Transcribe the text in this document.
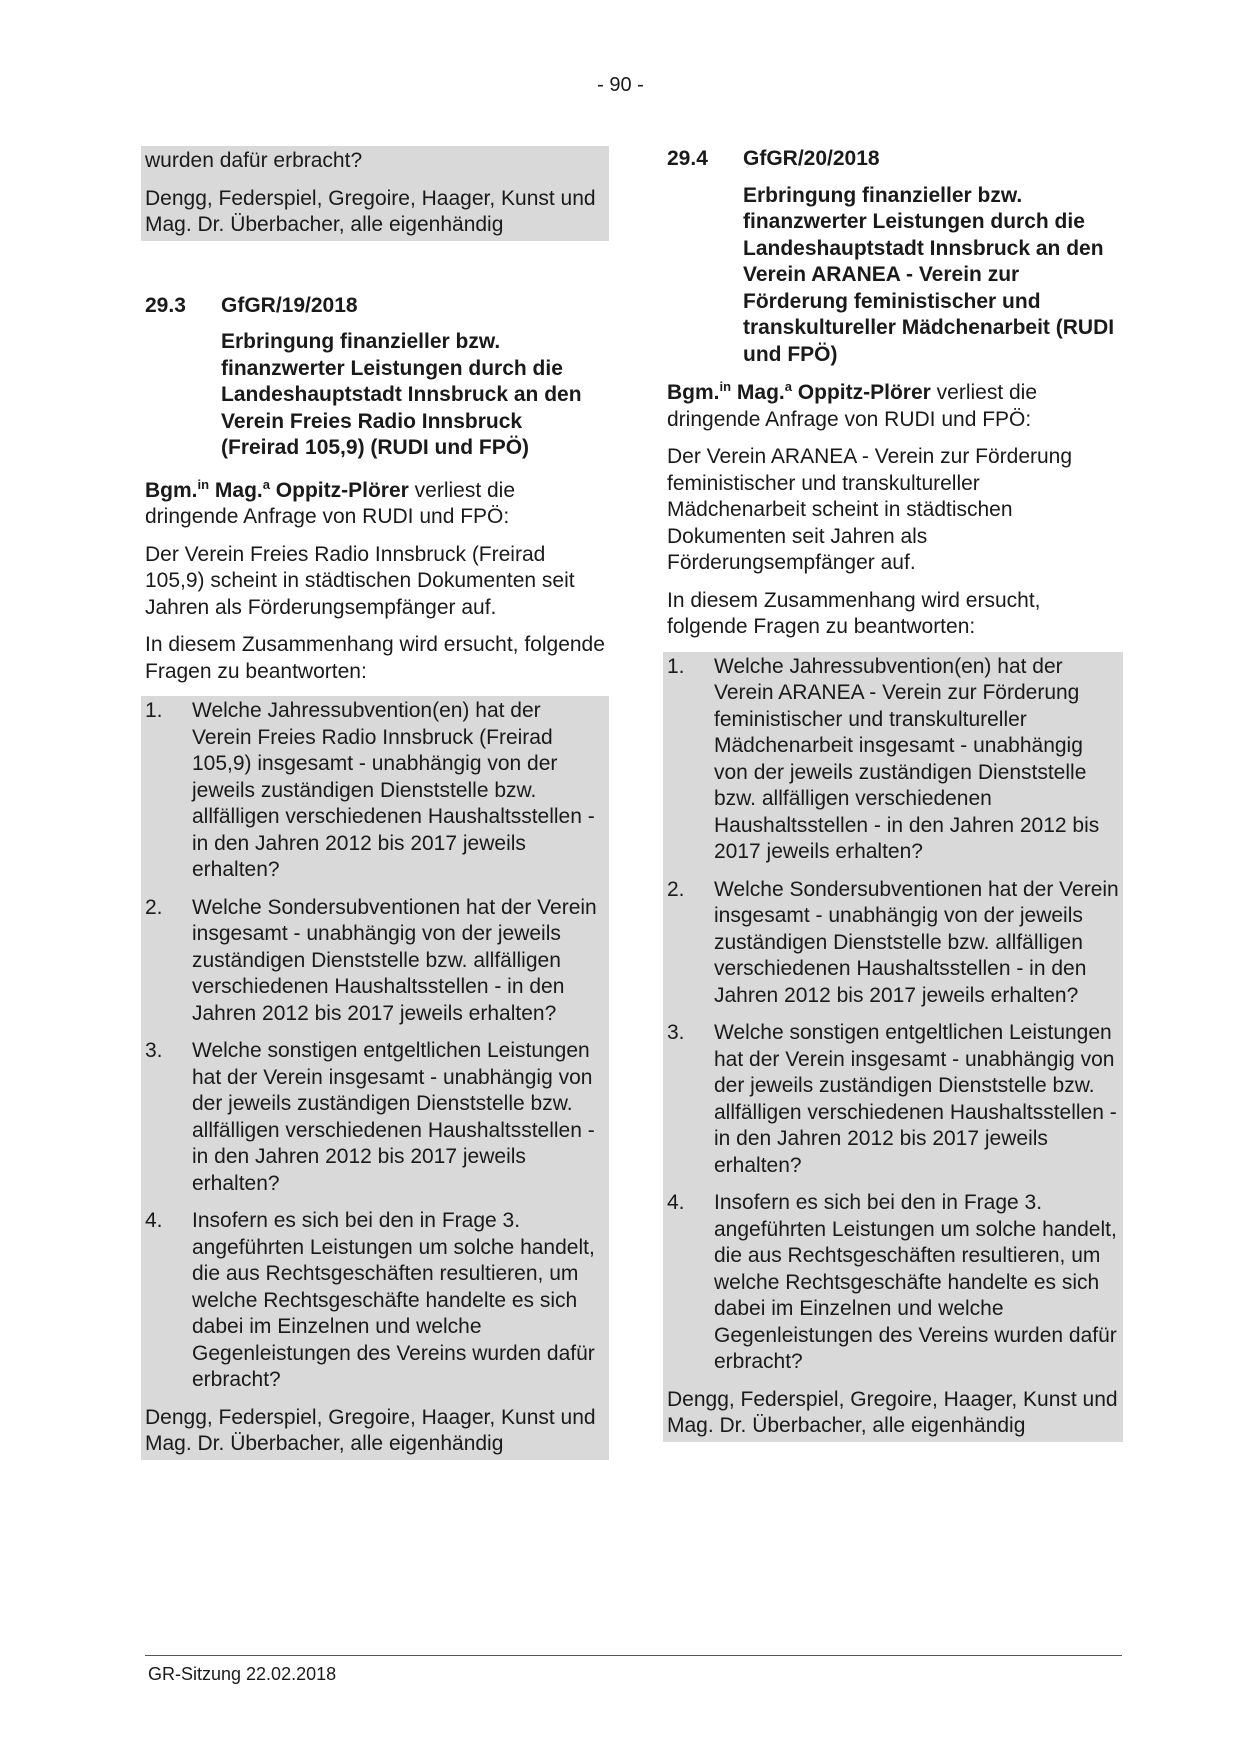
- 90 -

wurden dafür erbracht?

Dengg, Federspiel, Gregoire, Haager, Kunst und Mag. Dr. Überbacher, alle eigenhändig

29.3	GfGR/19/2018

Erbringung finanzieller bzw. finanzwerter Leistungen durch die Landeshauptstadt Innsbruck an den Verein Freies Radio Innsbruck (Freirad 105,9) (RUDI und FPÖ)

Bgm.$^{in}$ Mag.$^a$ Oppitz-Plörer verliest die dringende Anfrage von RUDI und FPÖ:

Der Verein Freies Radio Innsbruck (Freirad 105,9) scheint in städtischen Dokumenten seit Jahren als Förderungsempfänger auf.

In diesem Zusammenhang wird ersucht, folgende Fragen zu beantworten:

1.	Welche Jahressubvention(en) hat der Verein Freies Radio Innsbruck (Freirad 105,9) insgesamt - unabhängig von der jeweils zuständigen Dienststelle bzw. allfälligen verschiedenen Haushaltsstellen - in den Jahren 2012 bis 2017 jeweils erhalten?
2.	Welche Sondersubventionen hat der Verein insgesamt - unabhängig von der jeweils zuständigen Dienststelle bzw. allfälligen verschiedenen Haushaltsstellen - in den Jahren 2012 bis 2017 jeweils erhalten?
3.	Welche sonstigen entgeltlichen Leistungen hat der Verein insgesamt - unabhängig von der jeweils zuständigen Dienststelle bzw. allfälligen verschiedenen Haushaltsstellen - in den Jahren 2012 bis 2017 jeweils erhalten?
4.	Insofern es sich bei den in Frage 3. angeführten Leistungen um solche handelt, die aus Rechtsgeschäften resultieren, um welche Rechtsgeschäfte handelte es sich dabei im Einzelnen und welche Gegenleistungen des Vereins wurden dafür erbracht?

Dengg, Federspiel, Gregoire, Haager, Kunst und Mag. Dr. Überbacher, alle eigenhändig

29.4	GfGR/20/2018

Erbringung finanzieller bzw. finanzwerter Leistungen durch die Landeshauptstadt Innsbruck an den Verein ARANEA - Verein zur Förderung feministischer und transkultureller Mädchenarbeit (RUDI und FPÖ)

Bgm.$^{in}$ Mag.$^a$ Oppitz-Plörer verliest die dringende Anfrage von RUDI und FPÖ:

Der Verein ARANEA - Verein zur Förderung feministischer und transkultureller Mädchenarbeit scheint in städtischen Dokumenten seit Jahren als Förderungsempfänger auf.

In diesem Zusammenhang wird ersucht, folgende Fragen zu beantworten:

1.	Welche Jahressubvention(en) hat der Verein ARANEA - Verein zur Förderung feministischer und transkultureller Mädchenarbeit insgesamt - unabhängig von der jeweils zuständigen Dienststelle bzw. allfälligen verschiedenen Haushaltsstellen - in den Jahren 2012 bis 2017 jeweils erhalten?
2.	Welche Sondersubventionen hat der Verein insgesamt - unabhängig von der jeweils zuständigen Dienststelle bzw. allfälligen verschiedenen Haushaltsstellen - in den Jahren 2012 bis 2017 jeweils erhalten?
3.	Welche sonstigen entgeltlichen Leistungen hat der Verein insgesamt - unabhängig von der jeweils zuständigen Dienststelle bzw. allfälligen verschiedenen Haushaltsstellen - in den Jahren 2012 bis 2017 jeweils erhalten?
4.	Insofern es sich bei den in Frage 3. angeführten Leistungen um solche handelt, die aus Rechtsgeschäften resultieren, um welche Rechtsgeschäfte handelte es sich dabei im Einzelnen und welche Gegenleistungen des Vereins wurden dafür erbracht?

Dengg, Federspiel, Gregoire, Haager, Kunst und Mag. Dr. Überbacher, alle eigenhändig

GR-Sitzung 22.02.2018
